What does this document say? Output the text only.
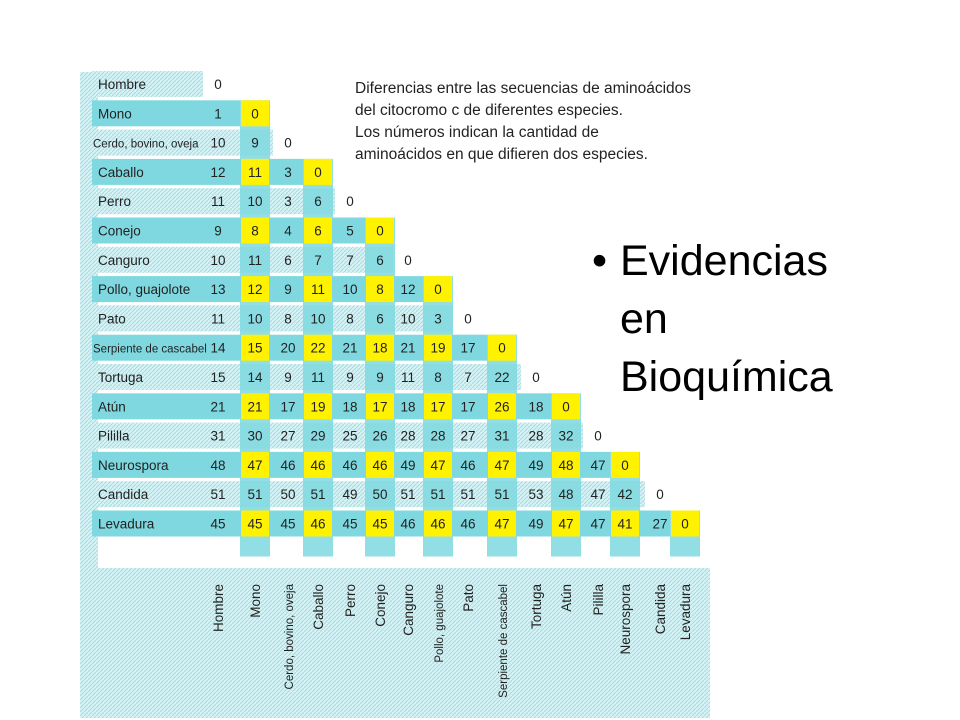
Diferencias entre las secuencias de aminoácidos
del citocromo c de diferentes especies.
Los números indican la cantidad de
aminoácidos en que difieren dos especies.
Hombre
Mono
Cerdo, bovino, oveja
Caballo
Perro
Conejo
Canguro
Pollo, guajolote
Pato
Serpiente de cascabel
Tortuga
Atún
Pililla
Neurospora
Candida
Levadura
0
1 0
10 9 0
12 11 3 0
11 10 3 6 0
9 8 4 6 5 0
10 11 6 7 7 6 0
13 12 9 11 10 8 12 0
11 10 8 10 8 6 10 3 0
14 15 20 22 21 18 21 19 17 0
15 14 9 11 9 9 11 8 7 22 0
21 21 17 19 18 17 18 17 17 26 18 0
31 30 27 29 25 26 28 28 27 31 28 32 0
48 47 46 46 46 46 49 47 46 47 49 48 47 0
51 51 50 51 49 50 51 51 51 51 53 48 47 42 0
45 45 45 46 45 45 46 46 46 47 49 47 47 41 27 0
Hombre Mono Cerdo, bovino, oveja Caballo Perro Conejo Canguro Pollo, guajolote Pato Serpiente de cascabel Tortuga Atún Pililla Neurospora Candida Levadura
• Evidencias
en
Bioquímica
